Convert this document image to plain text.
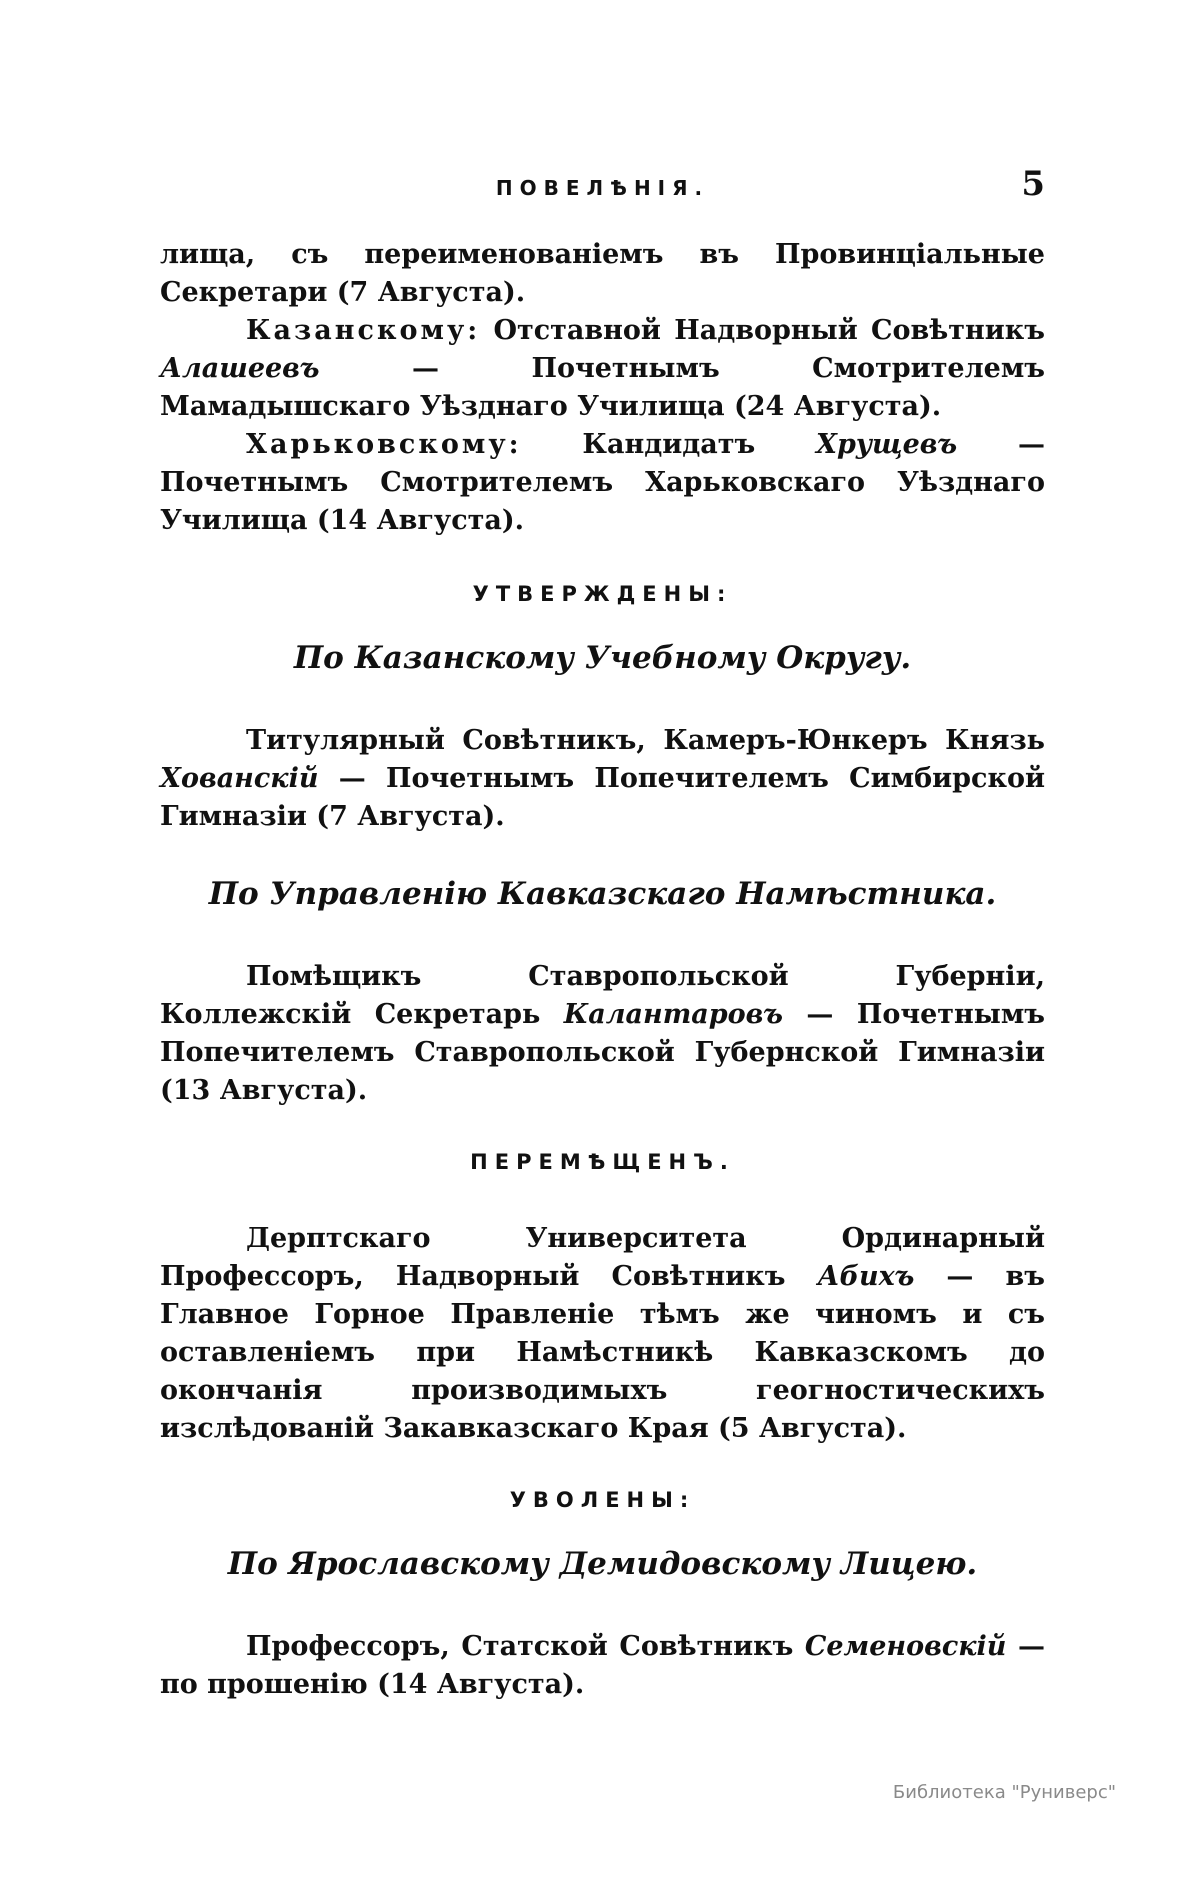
ПОВЕЛѢНІЯ.	5

лища, съ переименованіемъ въ Провинціальные Секретари (7 Августа).

Казанскому: Отставной Надворный Совѣтникъ Алашеевъ — Почетнымъ Смотрителемъ Мамадышскаго Уѣзднаго Училища (24 Августа).

Харьковскому: Кандидатъ Хрущевъ — Почетнымъ Смотрителемъ Харьковскаго Уѣзднаго Училища (14 Августа).

УТВЕРЖДЕНЫ:
По Казанскому Учебному Округу.

Титулярный Совѣтникъ, Камеръ-Юнкеръ Князь Хованскій — Почетнымъ Попечителемъ Симбирской Гимназіи (7 Августа).

По Управленію Кавказскаго Намѣстника.

Помѣщикъ Ставропольской Губерніи, Коллежскій Секретарь Калантаровъ — Почетнымъ Попечителемъ Ставропольской Губернской Гимназіи (13 Августа).

ПЕРЕМѢЩЕНЪ.

Дерптскаго Университета Ординарный Профессоръ, Надворный Совѣтникъ Абихъ — въ Главное Горное Правленіе тѣмъ же чиномъ и съ оставленіемъ при Намѣстникѣ Кавказскомъ до окончанія производимыхъ геогностическихъ изслѣдованій Закавказскаго Края (5 Августа).

УВОЛЕНЫ:
По Ярославскому Демидовскому Лицею.

Профессоръ, Статской Совѣтникъ Семеновскій — по прошенію (14 Августа).

Библиотека "Руниверс"
